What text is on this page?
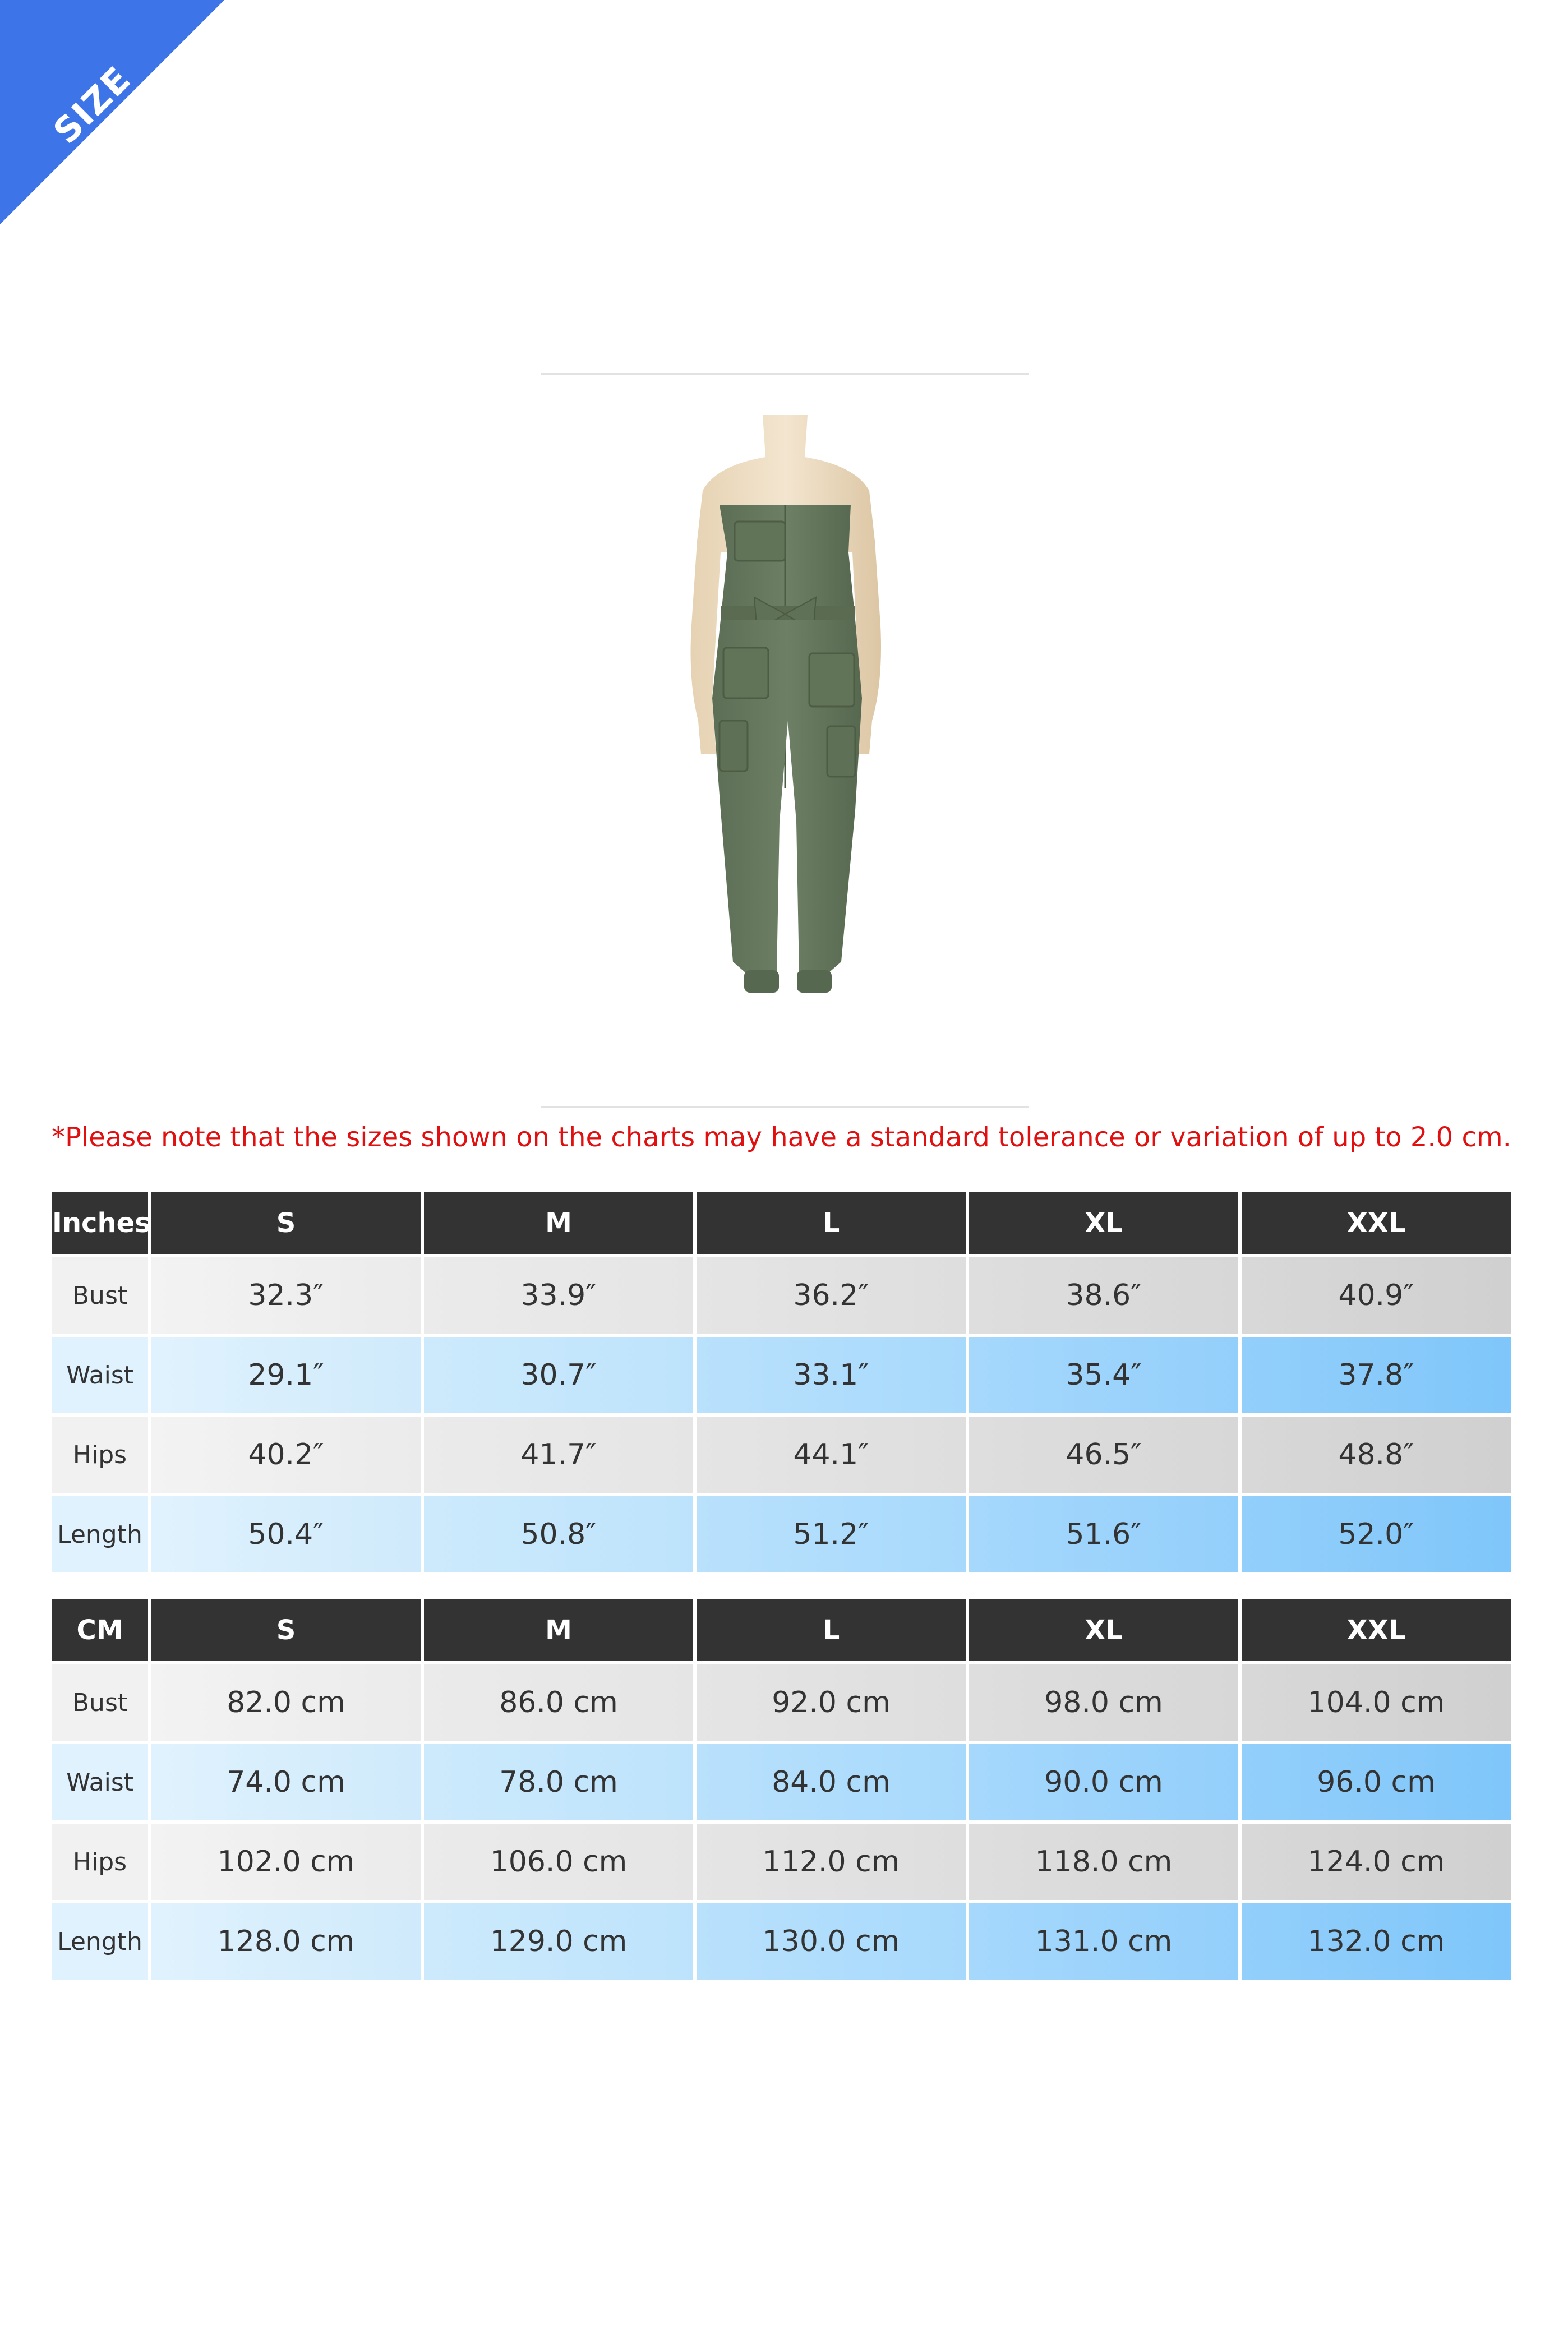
SIZE CHART
*Please note that the sizes shown on the charts may have a standard tolerance or variation of up to 2.0 cm.
Inches	S	M	L	XL	XXL
Bust	32.3″	33.9″	36.2″	38.6″	40.9″
Waist	29.1″	30.7″	33.1″	35.4″	37.8″
Hips	40.2″	41.7″	44.1″	46.5″	48.8″
Length	50.4″	50.8″	51.2″	51.6″	52.0″
CM	S	M	L	XL	XXL
Bust	82.0 cm	86.0 cm	92.0 cm	98.0 cm	104.0 cm
Waist	74.0 cm	78.0 cm	84.0 cm	90.0 cm	96.0 cm
Hips	102.0 cm	106.0 cm	112.0 cm	118.0 cm	124.0 cm
Length	128.0 cm	129.0 cm	130.0 cm	131.0 cm	132.0 cm
